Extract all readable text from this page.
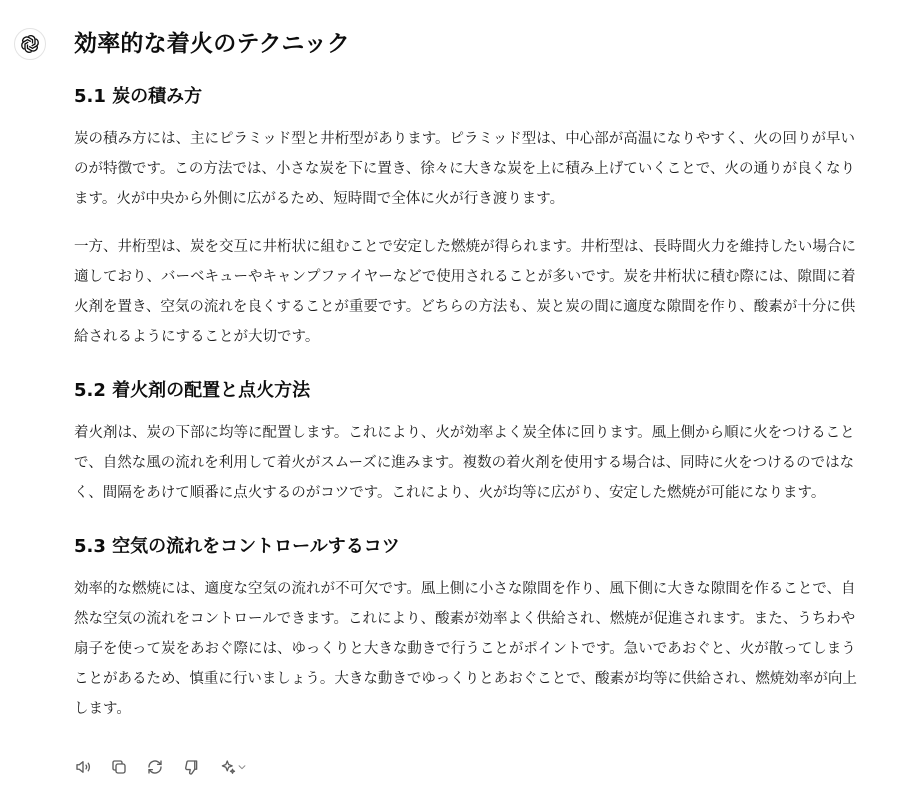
効率的な着火のテクニック
5.1 炭の積み方

炭の積み方には、主にピラミッド型と井桁型があります。ピラミッド型は、中心部が高温になりやすく、火の回りが早いのが特徴です。この方法では、小さな炭を下に置き、徐々に大きな炭を上に積み上げていくことで、火の通りが良くなります。火が中央から外側に広がるため、短時間で全体に火が行き渡ります。

一方、井桁型は、炭を交互に井桁状に組むことで安定した燃焼が得られます。井桁型は、長時間火力を維持したい場合に適しており、バーベキューやキャンプファイヤーなどで使用されることが多いです。炭を井桁状に積む際には、隙間に着火剤を置き、空気の流れを良くすることが重要です。どちらの方法も、炭と炭の間に適度な隙間を作り、酸素が十分に供給されるようにすることが大切です。

5.2 着火剤の配置と点火方法

着火剤は、炭の下部に均等に配置します。これにより、火が効率よく炭全体に回ります。風上側から順に火をつけることで、自然な風の流れを利用して着火がスムーズに進みます。複数の着火剤を使用する場合は、同時に火をつけるのではなく、間隔をあけて順番に点火するのがコツです。これにより、火が均等に広がり、安定した燃焼が可能になります。

5.3 空気の流れをコントロールするコツ

効率的な燃焼には、適度な空気の流れが不可欠です。風上側に小さな隙間を作り、風下側に大きな隙間を作ることで、自然な空気の流れをコントロールできます。これにより、酸素が効率よく供給され、燃焼が促進されます。また、うちわや扇子を使って炭をあおぐ際には、ゆっくりと大きな動きで行うことがポイントです。急いであおぐと、火が散ってしまうことがあるため、慎重に行いましょう。大きな動きでゆっくりとあおぐことで、酸素が均等に供給され、燃焼効率が向上します。
